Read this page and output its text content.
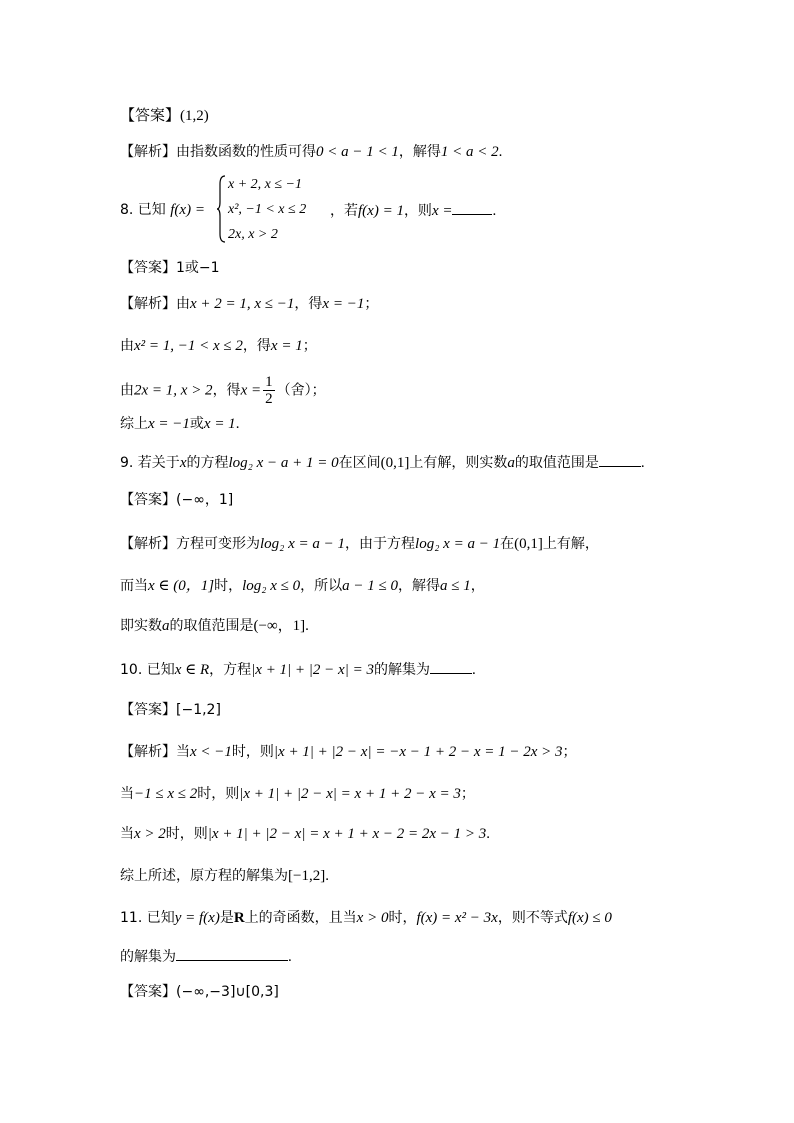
【答案】(1,2)
【解析】由指数函数的性质可得0 < a − 1 < 1，解得1 < a < 2.
8. 已知 f(x) =
x + 2, x ≤ −1
x², −1 < x ≤ 2
2x, x > 2
，若f(x) = 1，则x =	.
【答案】1或−1
【解析】由x + 2 = 1, x ≤ −1，得x = −1；
由x² = 1, −1 < x ≤ 2，得x = 1；
由2x = 1, x > 2，得$x = \frac{1}{2}$ （舍）；
综上x = −1或x = 1.
9. 若关于x的方程log₂ x − a + 1 = 0在区间(0,1]上有解，则实数a的取值范围是	.
【答案】(−∞，1]
【解析】方程可变形为log₂ x = a − 1，由于方程log₂ x = a − 1在(0,1]上有解，
而当x ∈ (0，1]时，log₂ x ≤ 0，所以a − 1 ≤ 0，解得a ≤ 1，
即实数a的取值范围是(−∞，1].
10. 已知x ∈ R，方程|x + 1| + |2 − x| = 3的解集为	.
【答案】[−1,2]
【解析】当x < −1时，则|x + 1| + |2 − x| = −x − 1 + 2 − x = 1 − 2x > 3；
当−1 ≤ x ≤ 2时，则|x + 1| + |2 − x| = x + 1 + 2 − x = 3；
当x > 2时，则|x + 1| + |2 − x| = x + 1 + x − 2 = 2x − 1 > 3.
综上所述，原方程的解集为[−1,2].
11. 已知y = f(x)是R上的奇函数，且当x > 0时，f(x) = x² − 3x，则不等式f(x) ≤ 0
的解集为	.
【答案】(−∞,−3]∪[0,3]
